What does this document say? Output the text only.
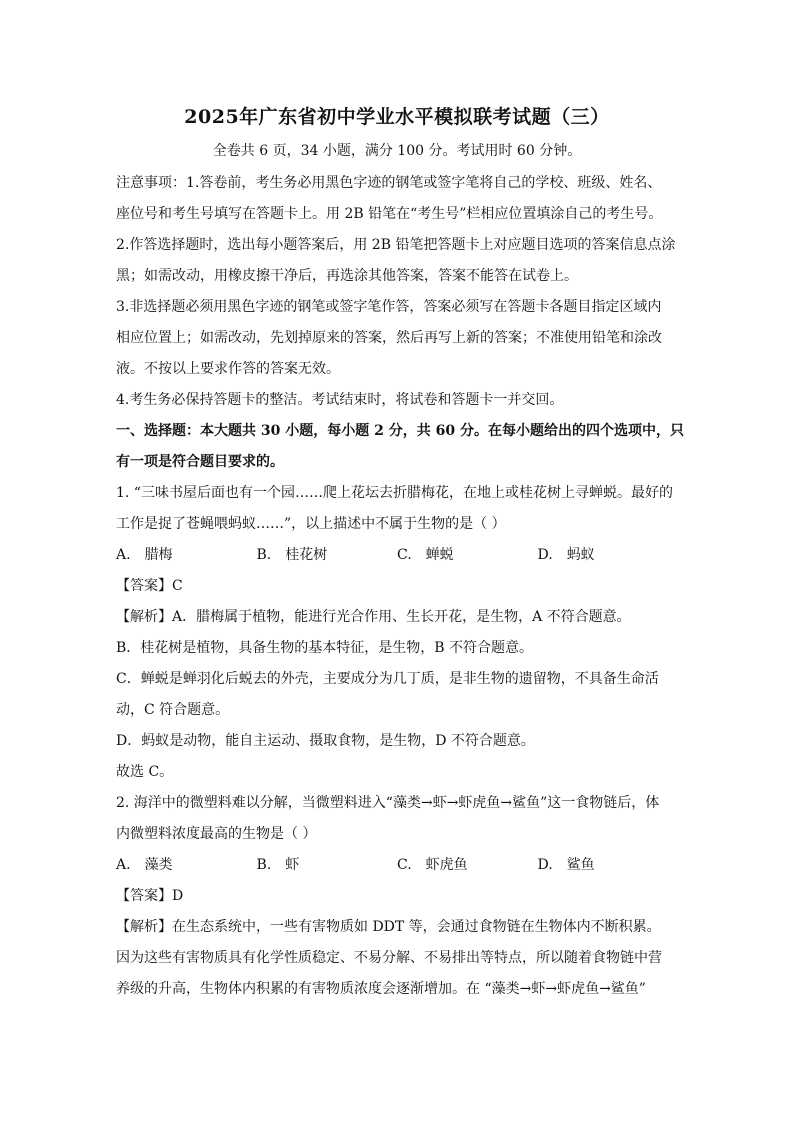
2025年广东省初中学业水平模拟联考试题（三）
全卷共 6 页，34 小题，满分 100 分。考试用时 60 分钟。

注意事项：1.答卷前，考生务必用黑色字迹的钢笔或签字笔将自己的学校、班级、姓名、

座位号和考生号填写在答题卡上。用 2B 铅笔在“考生号”栏相应位置填涂自己的考生号。

2.作答选择题时，选出每小题答案后，用 2B 铅笔把答题卡上对应题目选项的答案信息点涂

黑；如需改动，用橡皮擦干净后，再选涂其他答案，答案不能答在试卷上。

3.非选择题必须用黑色字迹的钢笔或签字笔作答，答案必须写在答题卡各题目指定区域内

相应位置上；如需改动，先划掉原来的答案，然后再写上新的答案；不准使用铅笔和涂改

液。不按以上要求作答的答案无效。

4.考生务必保持答题卡的整洁。考试结束时，将试卷和答题卡一并交回。

一、选择题：本大题共 30 小题，每小题 2 分，共 60 分。在每小题给出的四个选项中，只

有一项是符合题目要求的。

1. “三味书屋后面也有一个园……爬上花坛去折腊梅花，在地上或桂花树上寻蝉蜕。最好的

工作是捉了苍蝇喂蚂蚁……”，以上描述中不属于生物的是（ ）

A. 腊梅	B. 桂花树	C. 蝉蜕	D. 蚂蚁

【答案】C

【解析】A．腊梅属于植物，能进行光合作用、生长开花，是生物，A 不符合题意。

B．桂花树是植物，具备生物的基本特征，是生物，B 不符合题意。

C．蝉蜕是蝉羽化后蜕去的外壳，主要成分为几丁质，是非生物的遗留物，不具备生命活

动，C 符合题意。

D．蚂蚁是动物，能自主运动、摄取食物，是生物，D 不符合题意。

故选 C。

2. 海洋中的微塑料难以分解，当微塑料进入“藻类→虾→虾虎鱼→鲨鱼”这一食物链后，体

内微塑料浓度最高的生物是（ ）

A. 藻类	B. 虾	C. 虾虎鱼	D. 鲨鱼

【答案】D

【解析】在生态系统中，一些有害物质如 DDT 等，会通过食物链在生物体内不断积累。

因为这些有害物质具有化学性质稳定、不易分解、不易排出等特点，所以随着食物链中营

养级的升高，生物体内积累的有害物质浓度会逐渐增加。在 “藻类→虾→虾虎鱼→鲨鱼”
